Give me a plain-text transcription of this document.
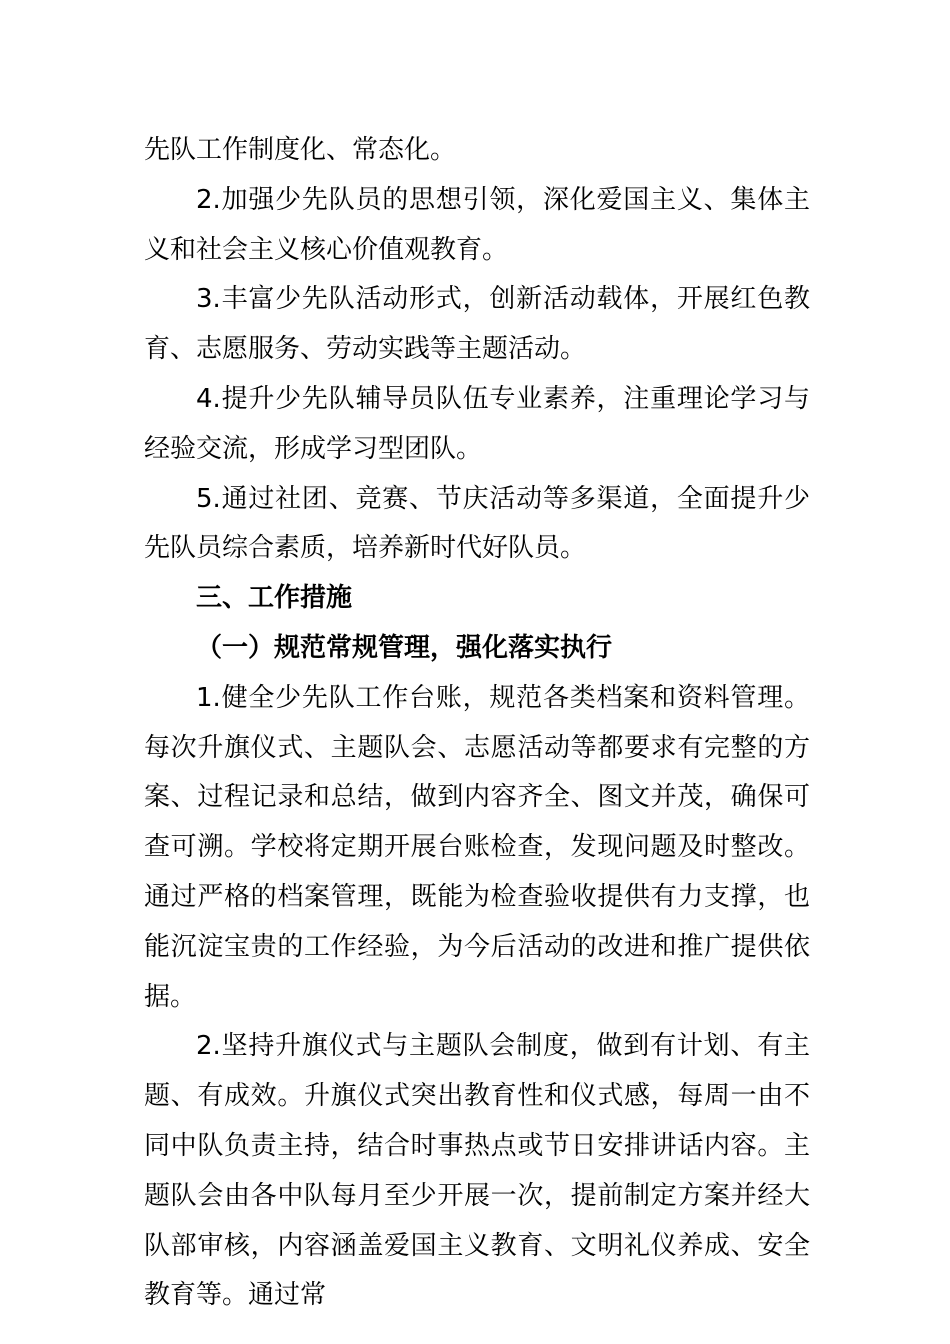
先队工作制度化、常态化。

2.加强少先队员的思想引领，深化爱国主义、集体主义和社会主义核心价值观教育。

3.丰富少先队活动形式，创新活动载体，开展红色教育、志愿服务、劳动实践等主题活动。

4.提升少先队辅导员队伍专业素养，注重理论学习与经验交流，形成学习型团队。

5.通过社团、竞赛、节庆活动等多渠道，全面提升少先队员综合素质，培养新时代好队员。

三、工作措施

（一）规范常规管理，强化落实执行

1.健全少先队工作台账，规范各类档案和资料管理。每次升旗仪式、主题队会、志愿活动等都要求有完整的方案、过程记录和总结，做到内容齐全、图文并茂，确保可查可溯。学校将定期开展台账检查，发现问题及时整改。通过严格的档案管理，既能为检查验收提供有力支撑，也能沉淀宝贵的工作经验，为今后活动的改进和推广提供依据。

2.坚持升旗仪式与主题队会制度，做到有计划、有主题、有成效。升旗仪式突出教育性和仪式感，每周一由不同中队负责主持，结合时事热点或节日安排讲话内容。主题队会由各中队每月至少开展一次，提前制定方案并经大队部审核，内容涵盖爱国主义教育、文明礼仪养成、安全教育等。通过常
